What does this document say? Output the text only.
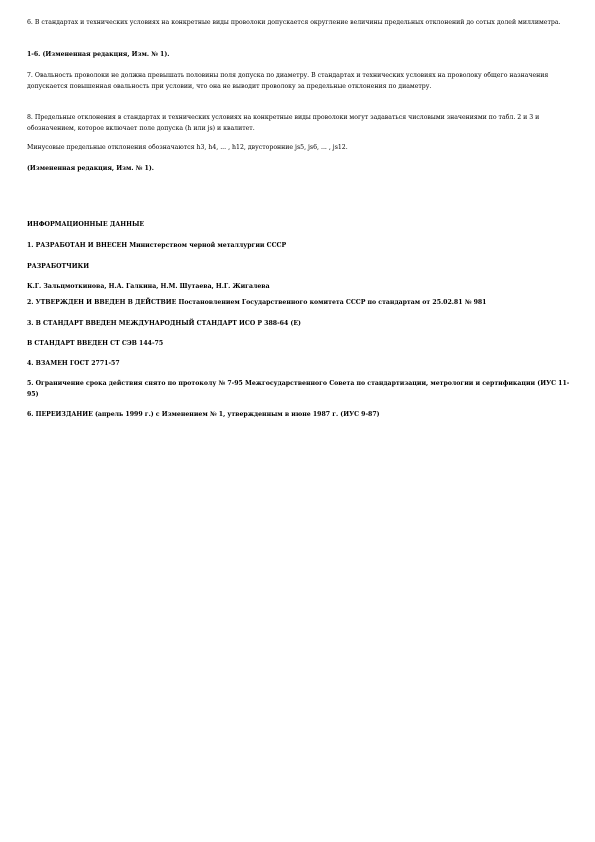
6. В стандартах и технических условиях на конкретные виды проволоки допускается округление величины предельных отклонений до сотых долей миллиметра.

1-6. (Измененная редакция, Изм. № 1).

7. Овальность проволоки не должна превышать половины поля допуска по диаметру. В стандартах и технических условиях на проволоку общего назначения допускается повышенная овальность при условии, что она не выводит проволоку за предельные отклонения по диаметру.

8. Предельные отклонения в стандартах и технических условиях на конкретные виды проволоки могут задаваться числовыми значениями по табл. 2 и 3 и обозначением, которое включает поле допуска (h или js) и квалитет.

Минусовые предельные отклонения обозначаются h3, h4, ... , h12, двусторонние js5, js6, ... , js12.

(Измененная редакция, Изм. № 1).

ИНФОРМАЦИОННЫЕ ДАННЫЕ

1. РАЗРАБОТАН И ВНЕСЕН Министерством черной металлургии СССР

РАЗРАБОТЧИКИ

К.Г. Зальцмоткинова, Н.А. Галкина, Н.М. Шутаева, Н.Г. Жигалева

2. УТВЕРЖДЕН И ВВЕДЕН В ДЕЙСТВИЕ Постановлением Государственного комитета СССР по стандартам от 25.02.81 № 981

3. В СТАНДАРТ ВВЕДЕН МЕЖДУНАРОДНЫЙ СТАНДАРТ ИСО Р 388-64 (Е)

В СТАНДАРТ ВВЕДЕН СТ СЭВ 144-75

4. ВЗАМЕН ГОСТ 2771-57

5. Ограничение срока действия снято по протоколу № 7-95 Межгосударственного Совета по стандартизации, метрологии и сертификации (ИУС 11-95)

6. ПЕРЕИЗДАНИЕ (апрель 1999 г.) с Изменением № 1, утвержденным в июне 1987 г. (ИУС 9-87)
